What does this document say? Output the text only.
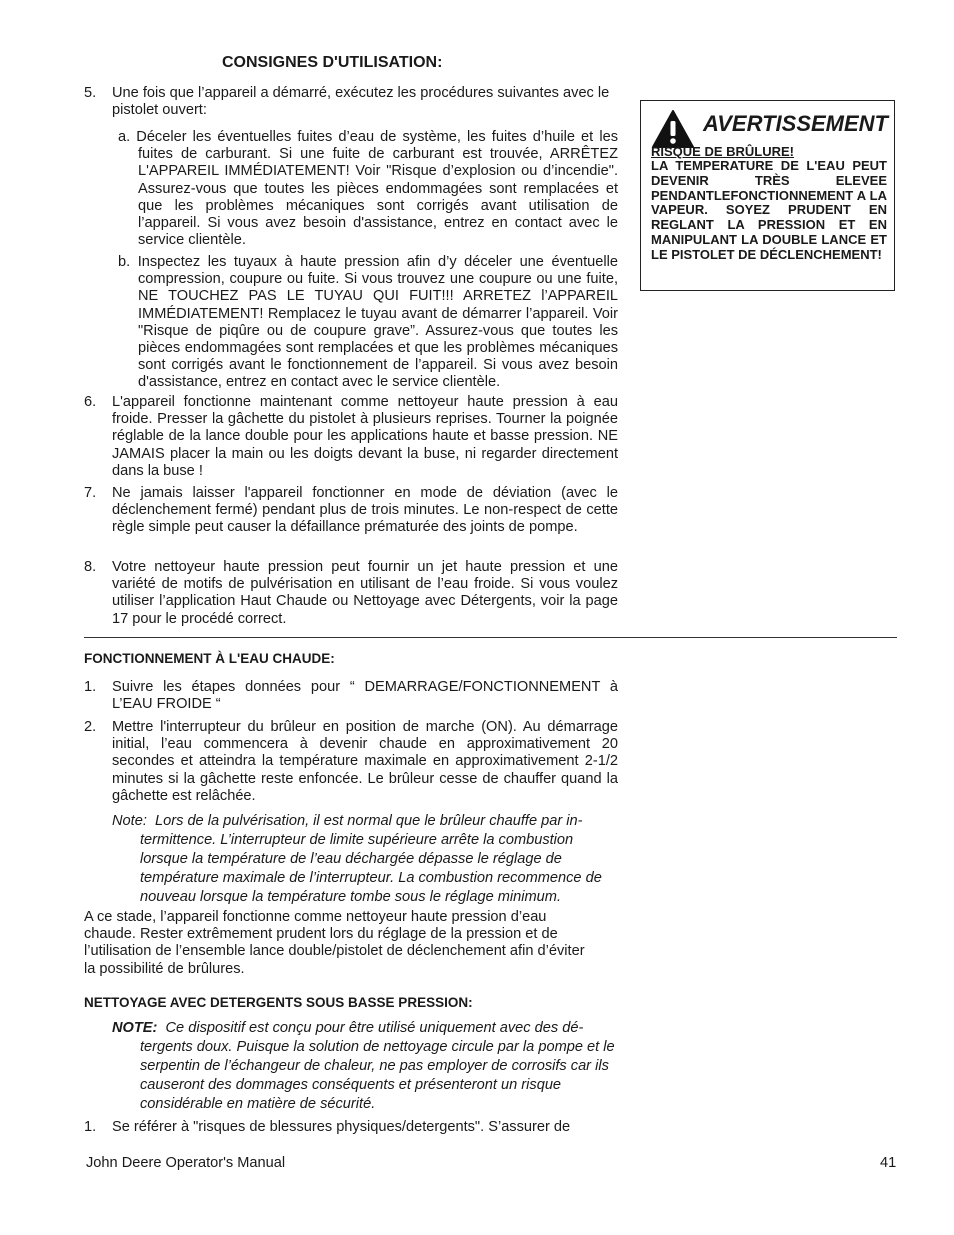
CONSIGNES D'UTILISATION:
5. Une fois que l’appareil a démarré, exécutez les procédures suivantes avec le pistolet ouvert:
a. Déceler les éventuelles fuites d’eau de système, les fuites d’huile et les fuites de carburant. Si une fuite de carburant est trouvée, ARRÊTEZ L'APPAREIL IMMÉDIATEMENT! Voir "Risque d’explosion ou d’incendie". Assurez-vous que toutes les pièces endommagées sont remplacées et que les problèmes mécaniques sont corrigés avant utilisation de l’appareil. Si vous avez besoin d'assistance, entrez en contact avec le service clientèle.
b. Inspectez les tuyaux à haute pression afin d’y déceler une éventuelle compression, coupure ou fuite. Si vous trouvez une coupure ou une fuite, NE TOUCHEZ PAS LE TUYAU QUI FUIT!!! ARRETEZ l’APPAREIL IMMÉDIATEMENT! Remplacez le tuyau avant de démarrer l’appareil. Voir "Risque de piqûre ou de coupure grave”. Assurez-vous que toutes les pièces endommagées sont remplacées et que les problèmes mécaniques sont corrigés avant le fonctionnement de l’appareil. Si vous avez besoin d'assistance, entrez en contact avec le service clientèle.
6. L'appareil fonctionne maintenant comme nettoyeur haute pression à eau froide. Presser la gâchette du pistolet à plusieurs reprises. Tourner la poignée réglable de la lance double pour les applications haute et basse pression. NE JAMAIS placer la main ou les doigts devant la buse, ni regarder directement dans la buse !
7. Ne jamais laisser l'appareil fonctionner en mode de déviation (avec le déclenchement fermé) pendant plus de trois minutes. Le non-respect de cette règle simple peut causer la défaillance prématurée des joints de pompe.
8. Votre nettoyeur haute pression peut fournir un jet haute pression et une variété de motifs de pulvérisation en utilisant de l’eau froide. Si vous voulez utiliser l’application Haut Chaude ou Nettoyage avec Détergents, voir la page 17 pour le procédé correct.
AVERTISSEMENT
RISQUE DE BRÛLURE!
LA TEMPERATURE DE L'EAU PEUT DEVENIR TRÈS ELEVEE PENDANTLEFONCTIONNEMENT A LA VAPEUR. SOYEZ PRUDENT EN REGLANT LA PRESSION ET EN MANIPULANT LA DOUBLE LANCE ET LE PISTOLET DE DÉCLENCHEMENT!
FONCTIONNEMENT À L'EAU CHAUDE:
1. Suivre les étapes données pour “ DEMARRAGE/FONCTIONNEMENT à L’EAU FROIDE “
2. Mettre l'interrupteur du brûleur en position de marche (ON). Au démarrage initial, l’eau commencera à devenir chaude en approximativement 20 secondes et atteindra la température maximale en approximativement 2-1/2 minutes si la gâchette reste enfoncée. Le brûleur cesse de chauffer quand la gâchette est relâchée.
Note: Lors de la pulvérisation, il est normal que le brûleur chauffe par intermittence. L’interrupteur de limite supérieure arrête la combustion lorsque la température de l’eau déchargée dépasse le réglage de température maximale de l’interrupteur. La combustion recommence de nouveau lorsque la température tombe sous le réglage minimum.
A ce stade, l’appareil fonctionne comme nettoyeur haute pression d’eau chaude. Rester extrêmement prudent lors du réglage de la pression et de l’utilisation de l’ensemble lance double/pistolet de déclenchement afin d’éviter la possibilité de brûlures.
NETTOYAGE AVEC DETERGENTS SOUS BASSE PRESSION:
NOTE: Ce dispositif est conçu pour être utilisé uniquement avec des détergents doux. Puisque la solution de nettoyage circule par la pompe et le serpentin de l’échangeur de chaleur, ne pas employer de corrosifs car ils causeront des dommages conséquents et présenteront un risque considérable en matière de sécurité.
1. Se référer à "risques de blessures physiques/detergents". S’assurer de
John Deere Operator's Manual	41
